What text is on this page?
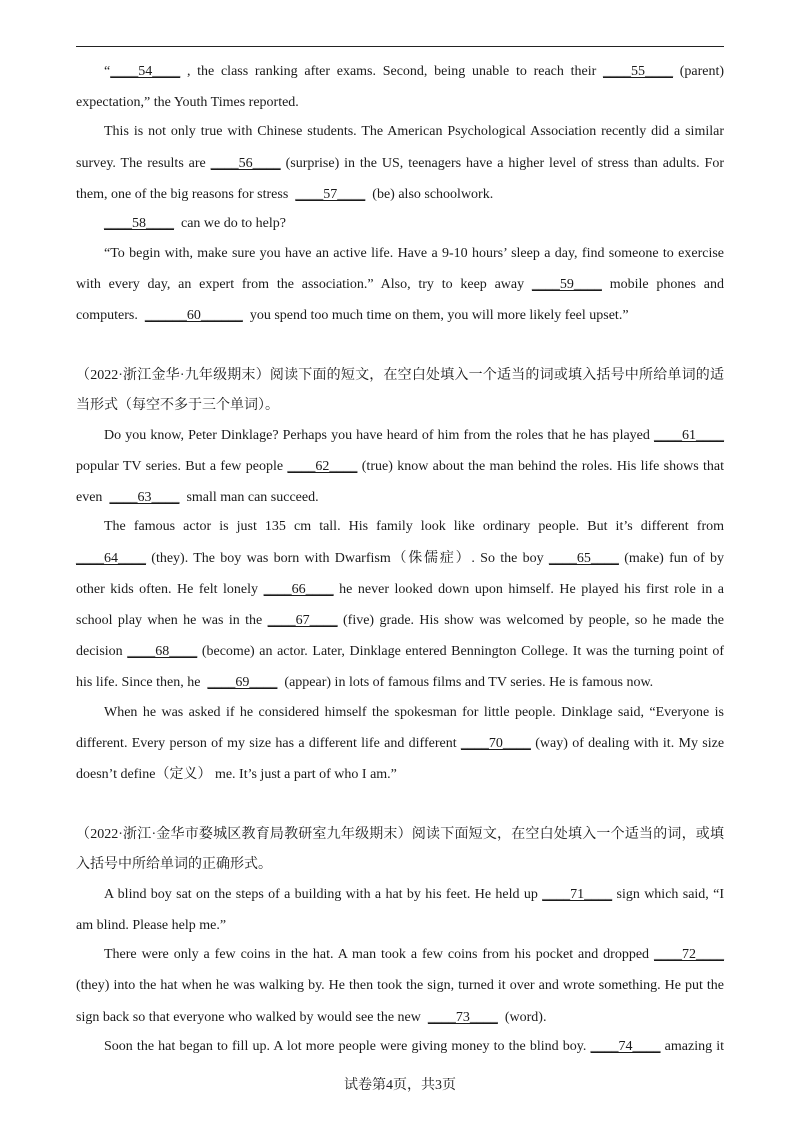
“____54____ , the class ranking after exams. Second, being unable to reach their ____55____ (parent)
expectation,” the Youth Times reported.
This is not only true with Chinese students. The American Psychological Association recently did a similar
survey. The results are ____56____ (surprise) in the US, teenagers have a higher level of stress than adults. For
them, one of the big reasons for stress ____57____ (be) also schoolwork.
____58____ can we do to help?
“To begin with, make sure you have an active life. Have a 9-10 hours’ sleep a day, find someone to exercise
with every day, an expert from the association.” Also, try to keep away ____59____ mobile phones and
computers. ______60______ you spend too much time on them, you will more likely feel upset.”
（2022·浙江金华·九年级期末）阅读下面的短文，在空白处填入一个适当的词或填入括号中所给单词的适
当形式（每空不多于三个单词）。
Do you know, Peter Dinklage? Perhaps you have heard of him from the roles that he has played ____61____
popular TV series. But a few people ____62____ (true) know about the man behind the roles. His life shows that
even ____63____ small man can succeed.
The famous actor is just 135 cm tall. His family look like ordinary people. But it’s different from
____64____ (they). The boy was born with Dwarfism（侏儒症）. So the boy ____65____ (make) fun of by
other kids often. He felt lonely ____66____ he never looked down upon himself. He played his first role in a
school play when he was in the ____67____ (five) grade. His show was welcomed by people, so he made the
decision ____68____ (become) an actor. Later, Dinklage entered Bennington College. It was the turning point of
his life. Since then, he ____69____ (appear) in lots of famous films and TV series. He is famous now.
When he was asked if he considered himself the spokesman for little people. Dinklage said, “Everyone is
different. Every person of my size has a different life and different ____70____ (way) of dealing with it. My size
doesn’t define（定义） me. It’s just a part of who I am.”
（2022·浙江·金华市婺城区教育局教研室九年级期末）阅读下面短文，在空白处填入一个适当的词，或填
入括号中所给单词的正确形式。
A blind boy sat on the steps of a building with a hat by his feet. He held up ____71____ sign which said, “I
am blind. Please help me.”
There were only a few coins in the hat. A man took a few coins from his pocket and dropped ____72____
(they) into the hat when he was walking by. He then took the sign, turned it over and wrote something. He put the
sign back so that everyone who walked by would see the new ____73____ (word).
Soon the hat began to fill up. A lot more people were giving money to the blind boy. ____74____ amazing it
试卷第4页，共3页
